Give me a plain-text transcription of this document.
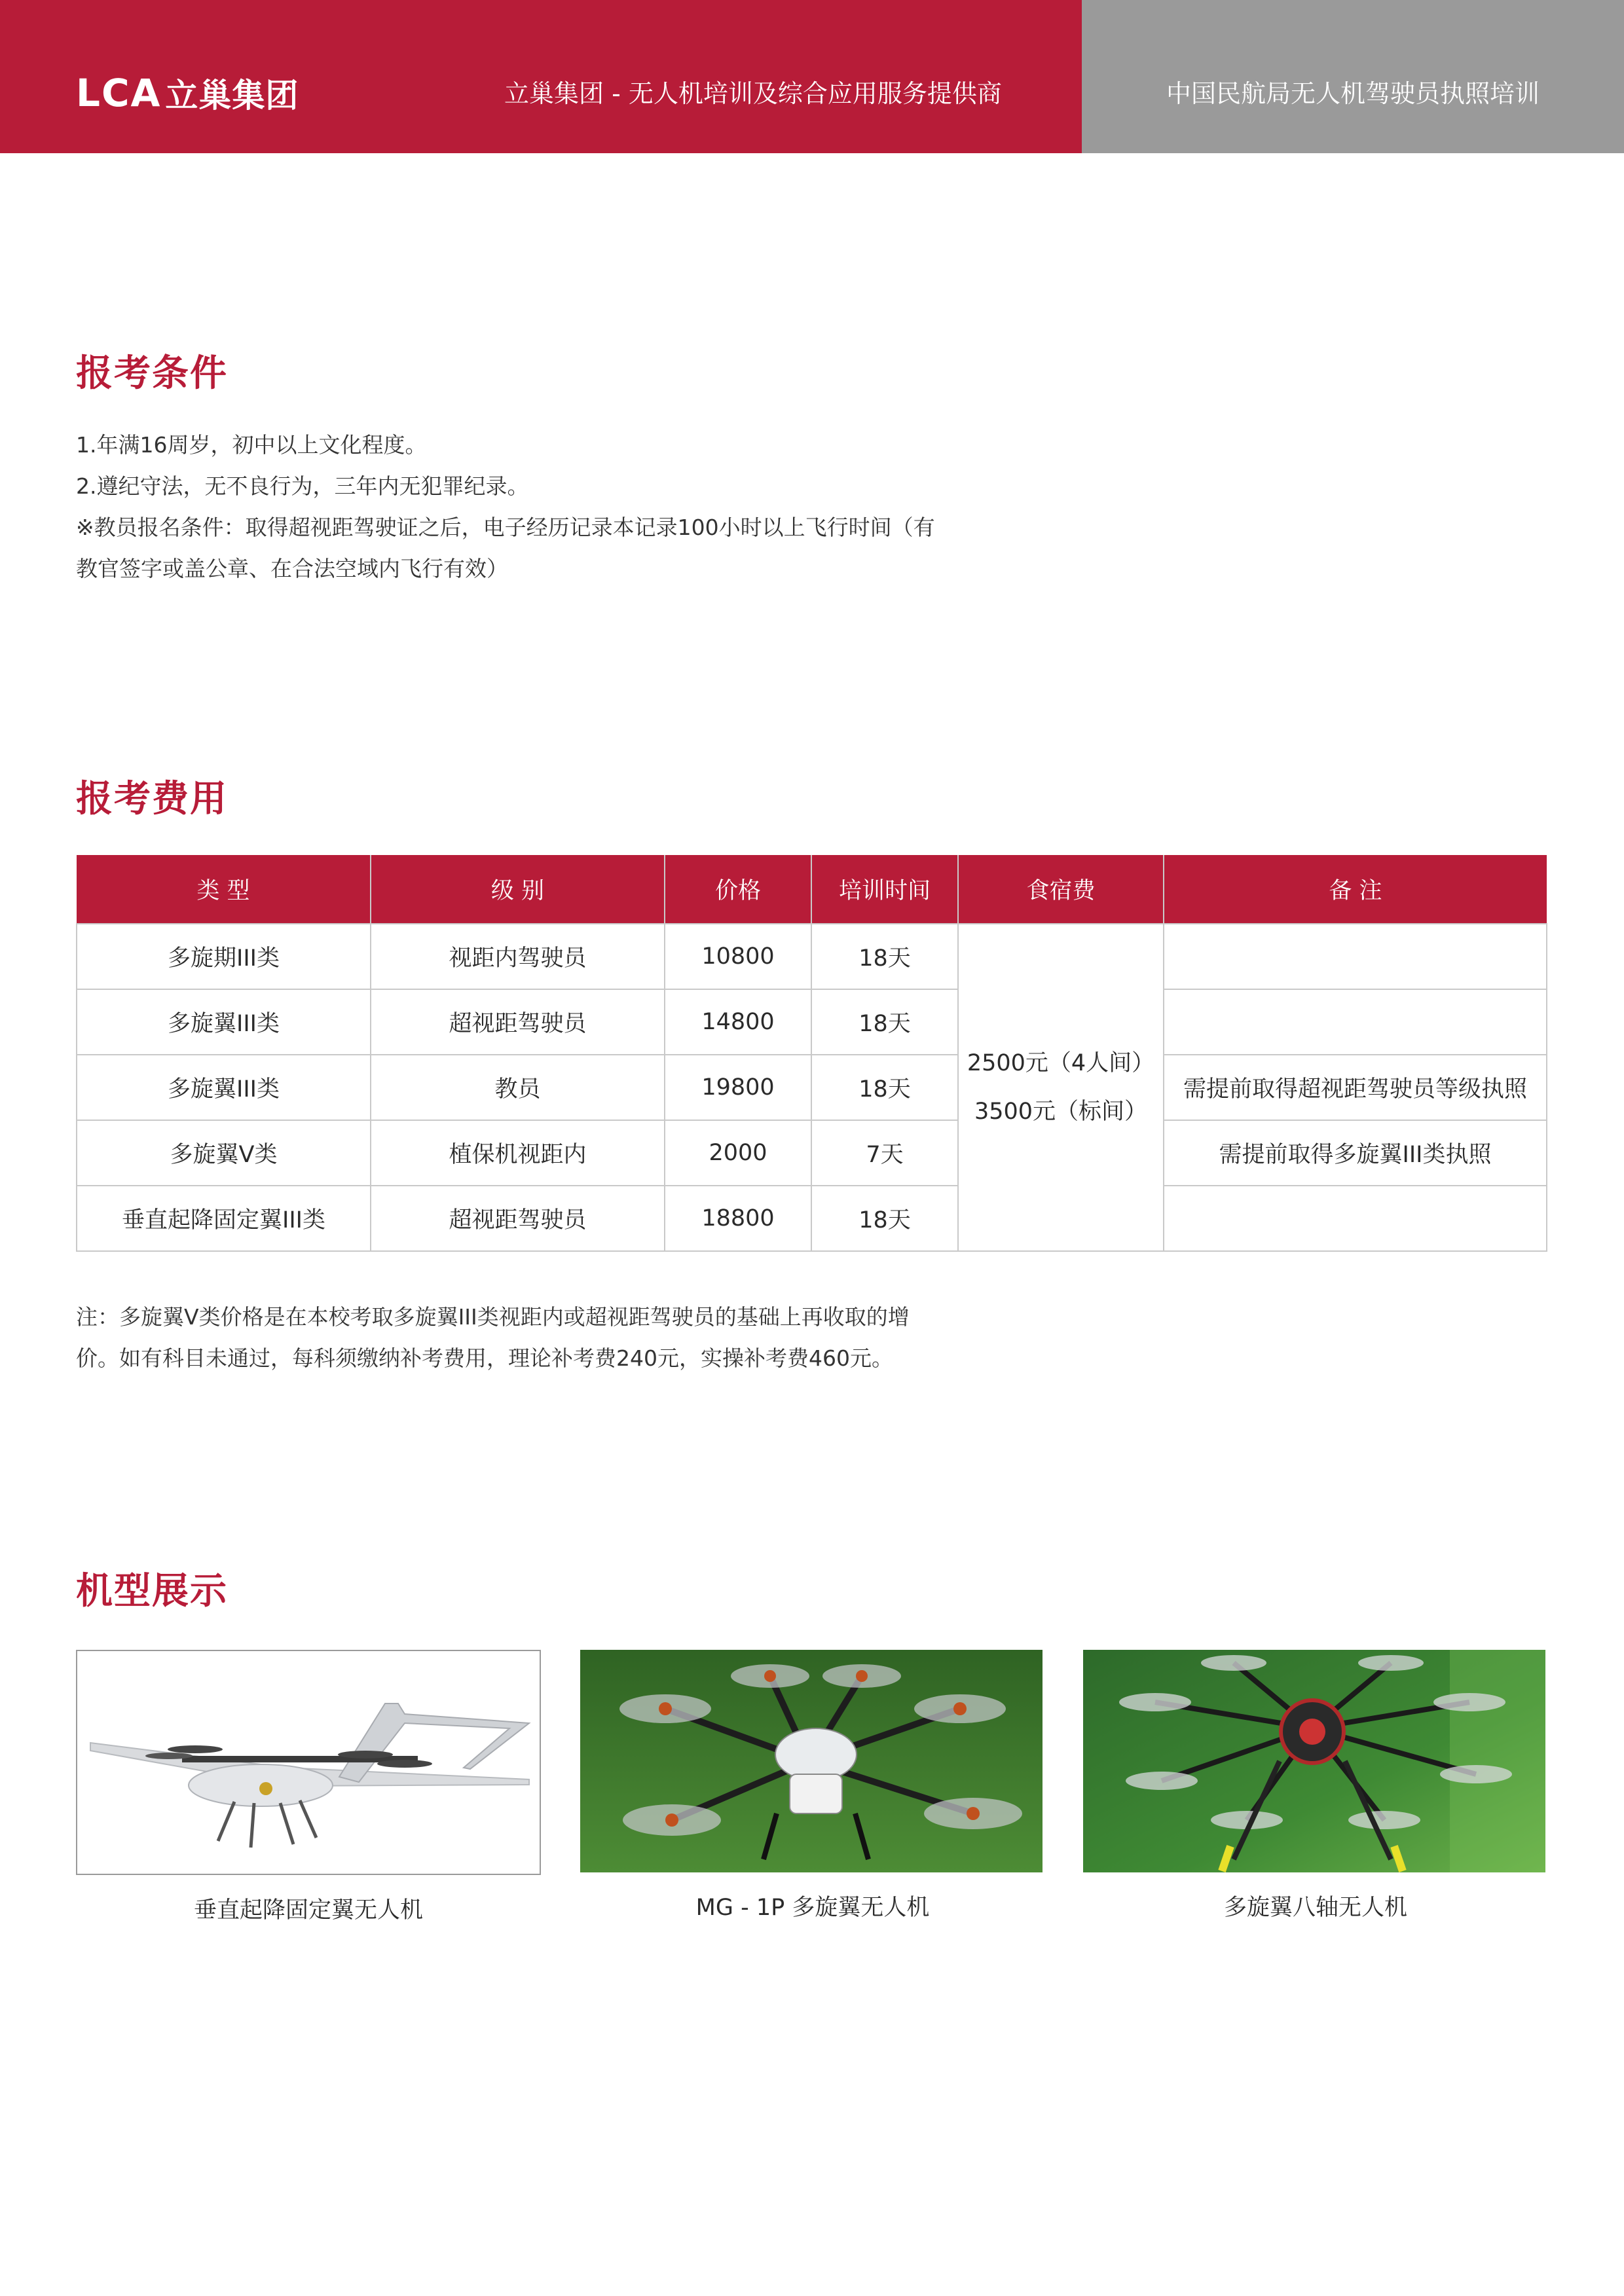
LCA 立巢集团	立巢集团 - 无人机培训及综合应用服务提供商	中国民航局无人机驾驶员执照培训
报考条件
1.年满16周岁，初中以上文化程度。
2.遵纪守法，无不良行为，三年内无犯罪纪录。
※教员报名条件：取得超视距驾驶证之后，电子经历记录本记录100小时以上飞行时间（有
教官签字或盖公章、在合法空域内飞行有效）
报考费用
类 型	级 别	价格	培训时间	食宿费	备 注
多旋期III类	视距内驾驶员	10800	18天	2500元（4人间）
3500元（标间）	

多旋翼III类	超视距驾驶员	14800	18天		
多旋翼III类	教员	19800	18天		需提前取得超视距驾驶员等级执照
多旋翼Ⅴ类	植保机视距内	2000	7天		需提前取得多旋翼III类执照
垂直起降固定翼III类	超视距驾驶员	18800	18天		
注：多旋翼V类价格是在本校考取多旋翼III类视距内或超视距驾驶员的基础上再收取的增
价。如有科目未通过，每科须缴纳补考费用，理论补考费240元，实操补考费460元。
机型展示
垂直起降固定翼无人机	MG - 1P 多旋翼无人机	多旋翼八轴无人机
